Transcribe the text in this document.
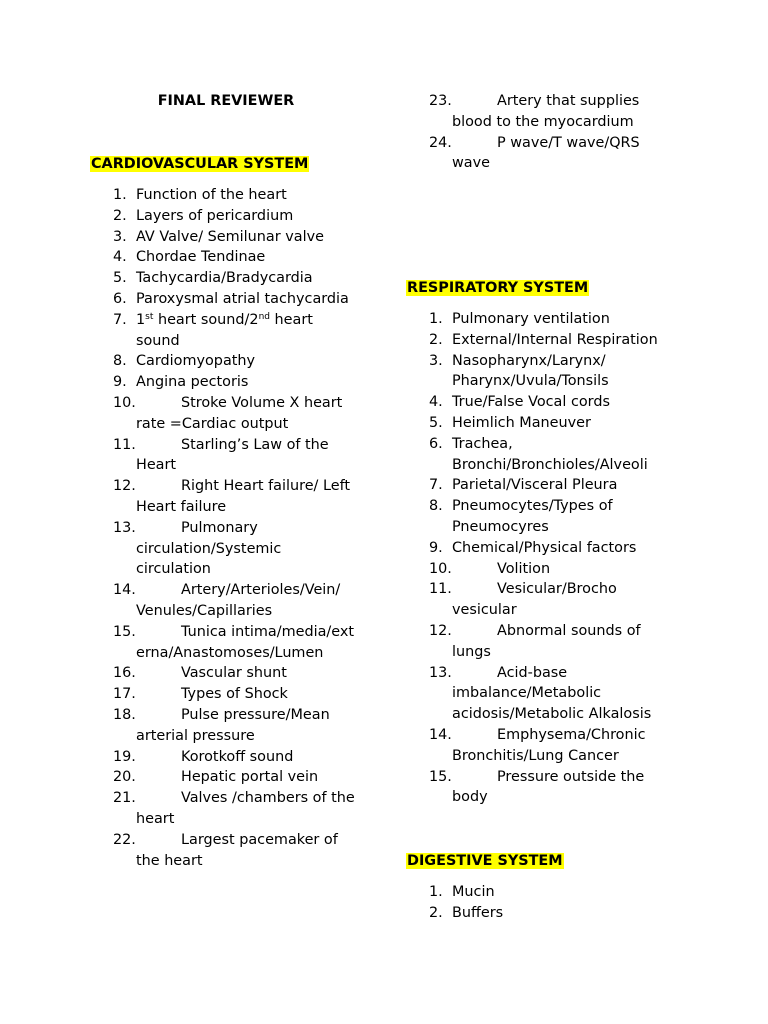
FINAL REVIEWER
CARDIOVASCULAR SYSTEM
1. Function of the heart
2. Layers of pericardium
3. AV Valve/ Semilunar valve
4. Chordae Tendinae
5. Tachycardia/Bradycardia
6. Paroxysmal atrial tachycardia
7. 1st heart sound/2nd heart sound
8. Cardiomyopathy
9. Angina pectoris
10.	Stroke Volume X heart rate =Cardiac output
11.	Starling’s Law of the Heart
12.	Right Heart failure/ Left Heart failure
13.	Pulmonary circulation/Systemic circulation
14.	Artery/Arterioles/Vein/ Venules/Capillaries
15.	Tunica intima/media/externa/Anastomoses/Lumen
16.	Vascular shunt
17.	Types of Shock
18.	Pulse pressure/Mean arterial pressure
19.	Korotkoff sound
20.	Hepatic portal vein
21.	Valves /chambers of the heart
22.	Largest pacemaker of the heart
23.	Artery that supplies blood to the myocardium
24.	P wave/T wave/QRS wave
RESPIRATORY SYSTEM
1. Pulmonary ventilation
2. External/Internal Respiration
3. Nasopharynx/Larynx/ Pharynx/Uvula/Tonsils
4. True/False Vocal cords
5. Heimlich Maneuver
6. Trachea, Bronchi/Bronchioles/Alveoli
7. Parietal/Visceral Pleura
8. Pneumocytes/Types of Pneumocyres
9. Chemical/Physical factors
10.	Volition
11.	Vesicular/Brocho vesicular
12.	Abnormal sounds of lungs
13.	Acid-base imbalance/Metabolic acidosis/Metabolic Alkalosis
14.	Emphysema/Chronic Bronchitis/Lung Cancer
15.	Pressure outside the body
DIGESTIVE SYSTEM
1. Mucin
2. Buffers
